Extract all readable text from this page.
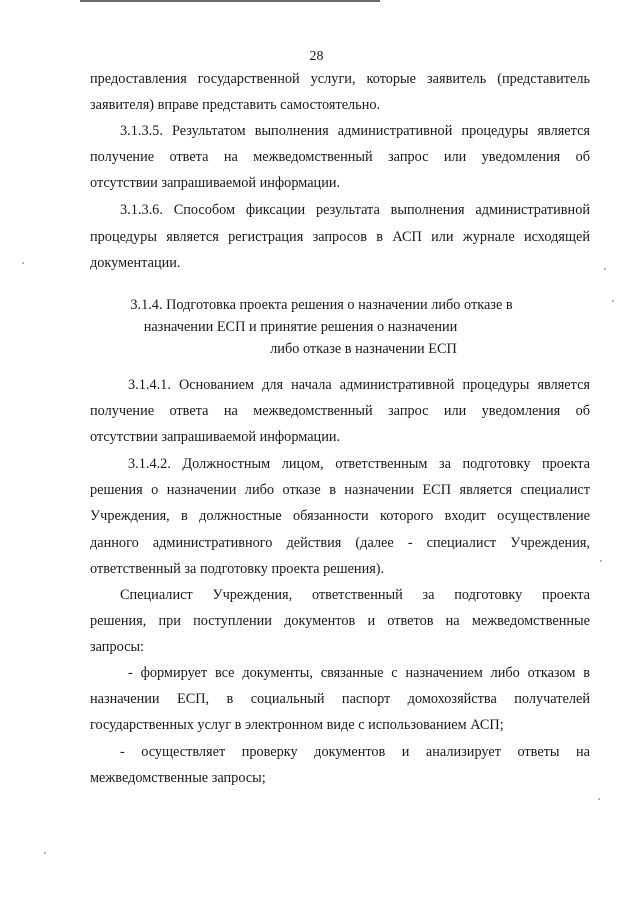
28
предоставления государственной услуги, которые заявитель (представитель
заявителя) вправе представить самостоятельно.
3.1.3.5. Результатом выполнения административной процедуры является
получение ответа на межведомственный запрос или уведомления об
отсутствии запрашиваемой информации.
3.1.3.6. Способом фиксации результата выполнения административной
процедуры является регистрация запросов в АСП или журнале исходящей
документации.
3.1.4. Подготовка проекта решения о назначении либо отказе в
назначении ЕСП и принятие решения о назначении
либо отказе в назначении ЕСП
3.1.4.1. Основанием для начала административной процедуры является
получение ответа на межведомственный запрос или уведомления об
отсутствии запрашиваемой информации.
3.1.4.2. Должностным лицом, ответственным за подготовку проекта
решения о назначении либо отказе в назначении ЕСП является специалист
Учреждения, в должностные обязанности которого входит осуществление
данного административного действия (далее - специалист Учреждения,
ответственный за подготовку проекта решения).
Специалист Учреждения, ответственный за подготовку проекта
решения, при поступлении документов и ответов на межведомственные
запросы:
- формирует все документы, связанные с назначением либо отказом в
назначении ЕСП, в социальный паспорт домохозяйства получателей
государственных услуг в электронном виде с использованием АСП;
- осуществляет проверку документов и анализирует ответы на
межведомственные запросы;
